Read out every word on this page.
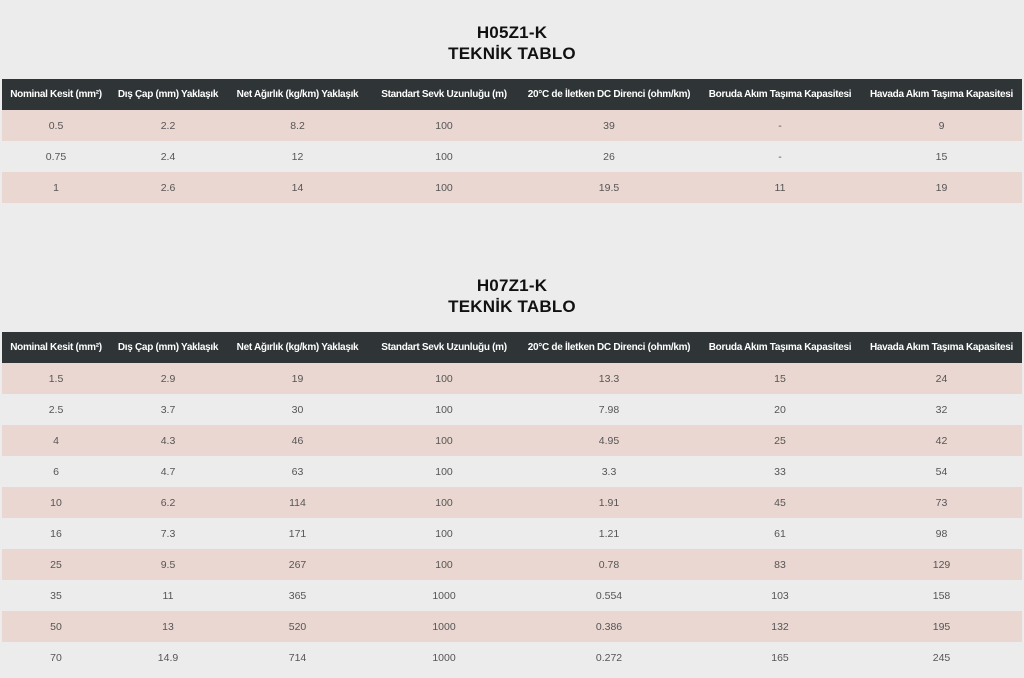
H05Z1-K
TEKNİK TABLO
Nominal Kesit (mm²)	Dış Çap (mm) Yaklaşık	Net Ağırlık (kg/km) Yaklaşık	Standart Sevk Uzunluğu (m)	20°C de İletken DC Direnci (ohm/km)	Boruda Akım Taşıma Kapasitesi	Havada Akım Taşıma Kapasitesi
0.5	2.2	8.2	100	39	-	9
0.75	2.4	12	100	26	-	15
1	2.6	14	100	19.5	11	19
H07Z1-K
TEKNİK TABLO
Nominal Kesit (mm²)	Dış Çap (mm) Yaklaşık	Net Ağırlık (kg/km) Yaklaşık	Standart Sevk Uzunluğu (m)	20°C de İletken DC Direnci (ohm/km)	Boruda Akım Taşıma Kapasitesi	Havada Akım Taşıma Kapasitesi
1.5	2.9	19	100	13.3	15	24
2.5	3.7	30	100	7.98	20	32
4	4.3	46	100	4.95	25	42
6	4.7	63	100	3.3	33	54
10	6.2	114	100	1.91	45	73
16	7.3	171	100	1.21	61	98
25	9.5	267	100	0.78	83	129
35	11	365	1000	0.554	103	158
50	13	520	1000	0.386	132	195
70	14.9	714	1000	0.272	165	245
